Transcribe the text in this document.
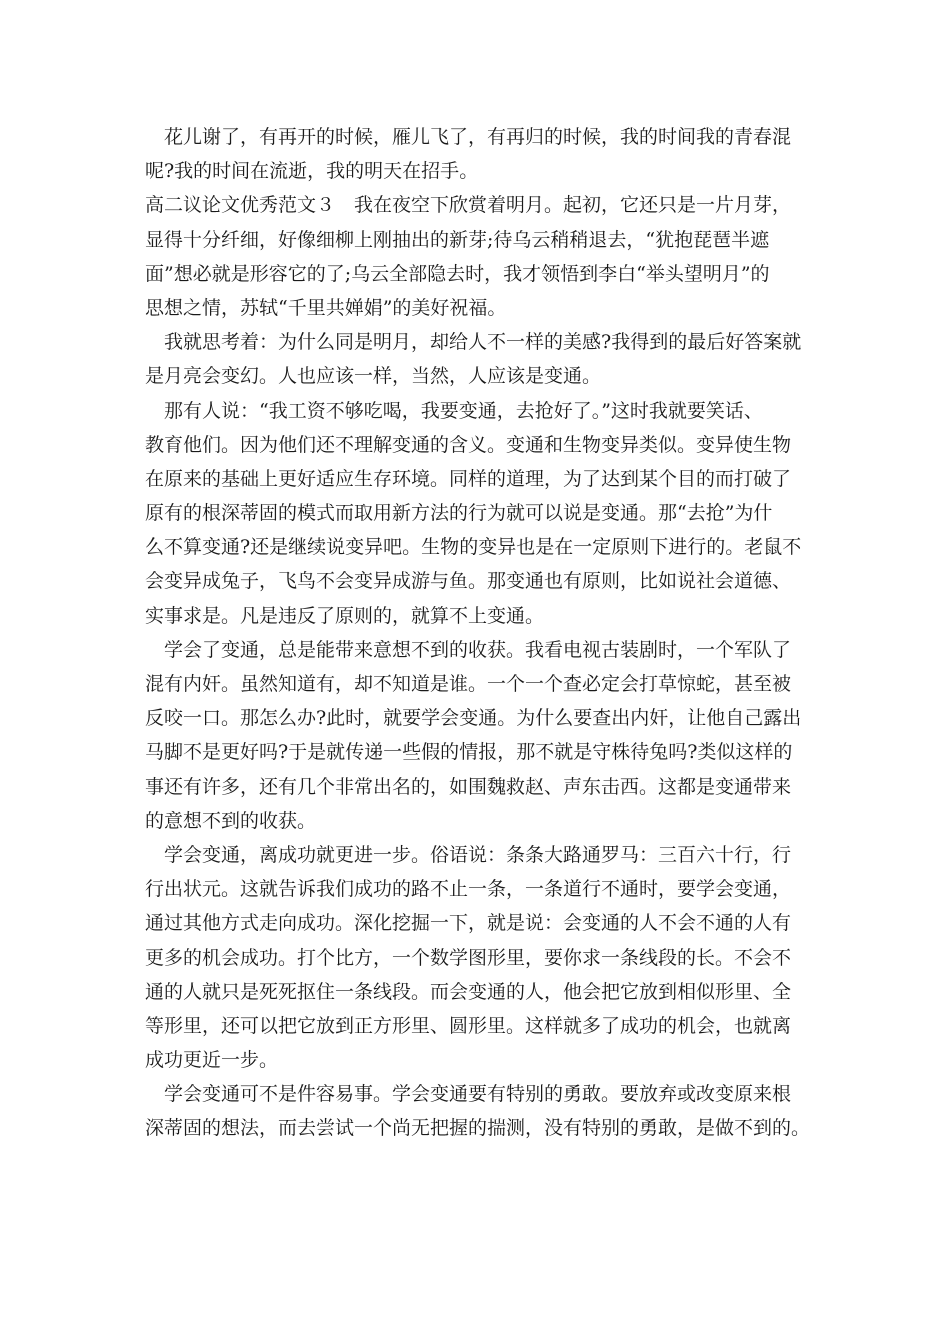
花儿谢了，有再开的时候，雁儿飞了，有再归的时候，我的时间我的青春混
呢?我的时间在流逝，我的明天在招手。
高二议论文优秀范文３　我在夜空下欣赏着明月。起初，它还只是一片月芽，
显得十分纤细，好像细柳上刚抽出的新芽;待乌云稍稍退去，“犹抱琵琶半遮
面”想必就是形容它的了;乌云全部隐去时，我才领悟到李白“举头望明月”的
思想之情，苏轼“千里共婵娟”的美好祝福。
我就思考着：为什么同是明月，却给人不一样的美感?我得到的最后好答案就
是月亮会变幻。人也应该一样，当然，人应该是变通。
那有人说：“我工资不够吃喝，我要变通，去抢好了。”这时我就要笑话、
教育他们。因为他们还不理解变通的含义。变通和生物变异类似。变异使生物
在原来的基础上更好适应生存环境。同样的道理，为了达到某个目的而打破了
原有的根深蒂固的模式而取用新方法的行为就可以说是变通。那“去抢”为什
么不算变通?还是继续说变异吧。生物的变异也是在一定原则下进行的。老鼠不
会变异成兔子，飞鸟不会变异成游与鱼。那变通也有原则，比如说社会道德、
实事求是。凡是违反了原则的，就算不上变通。
学会了变通，总是能带来意想不到的收获。我看电视古装剧时，一个军队了
混有内奸。虽然知道有，却不知道是谁。一个一个查必定会打草惊蛇，甚至被
反咬一口。那怎么办?此时，就要学会变通。为什么要查出内奸，让他自己露出
马脚不是更好吗?于是就传递一些假的情报，那不就是守株待兔吗?类似这样的
事还有许多，还有几个非常出名的，如围魏救赵、声东击西。这都是变通带来
的意想不到的收获。
学会变通，离成功就更进一步。俗语说：条条大路通罗马：三百六十行，行
行出状元。这就告诉我们成功的路不止一条，一条道行不通时，要学会变通，
通过其他方式走向成功。深化挖掘一下，就是说：会变通的人不会不通的人有
更多的机会成功。打个比方，一个数学图形里，要你求一条线段的长。不会不
通的人就只是死死抠住一条线段。而会变通的人，他会把它放到相似形里、全
等形里，还可以把它放到正方形里、圆形里。这样就多了成功的机会，也就离
成功更近一步。
学会变通可不是件容易事。学会变通要有特别的勇敢。要放弃或改变原来根
深蒂固的想法，而去尝试一个尚无把握的揣测，没有特别的勇敢，是做不到的。
